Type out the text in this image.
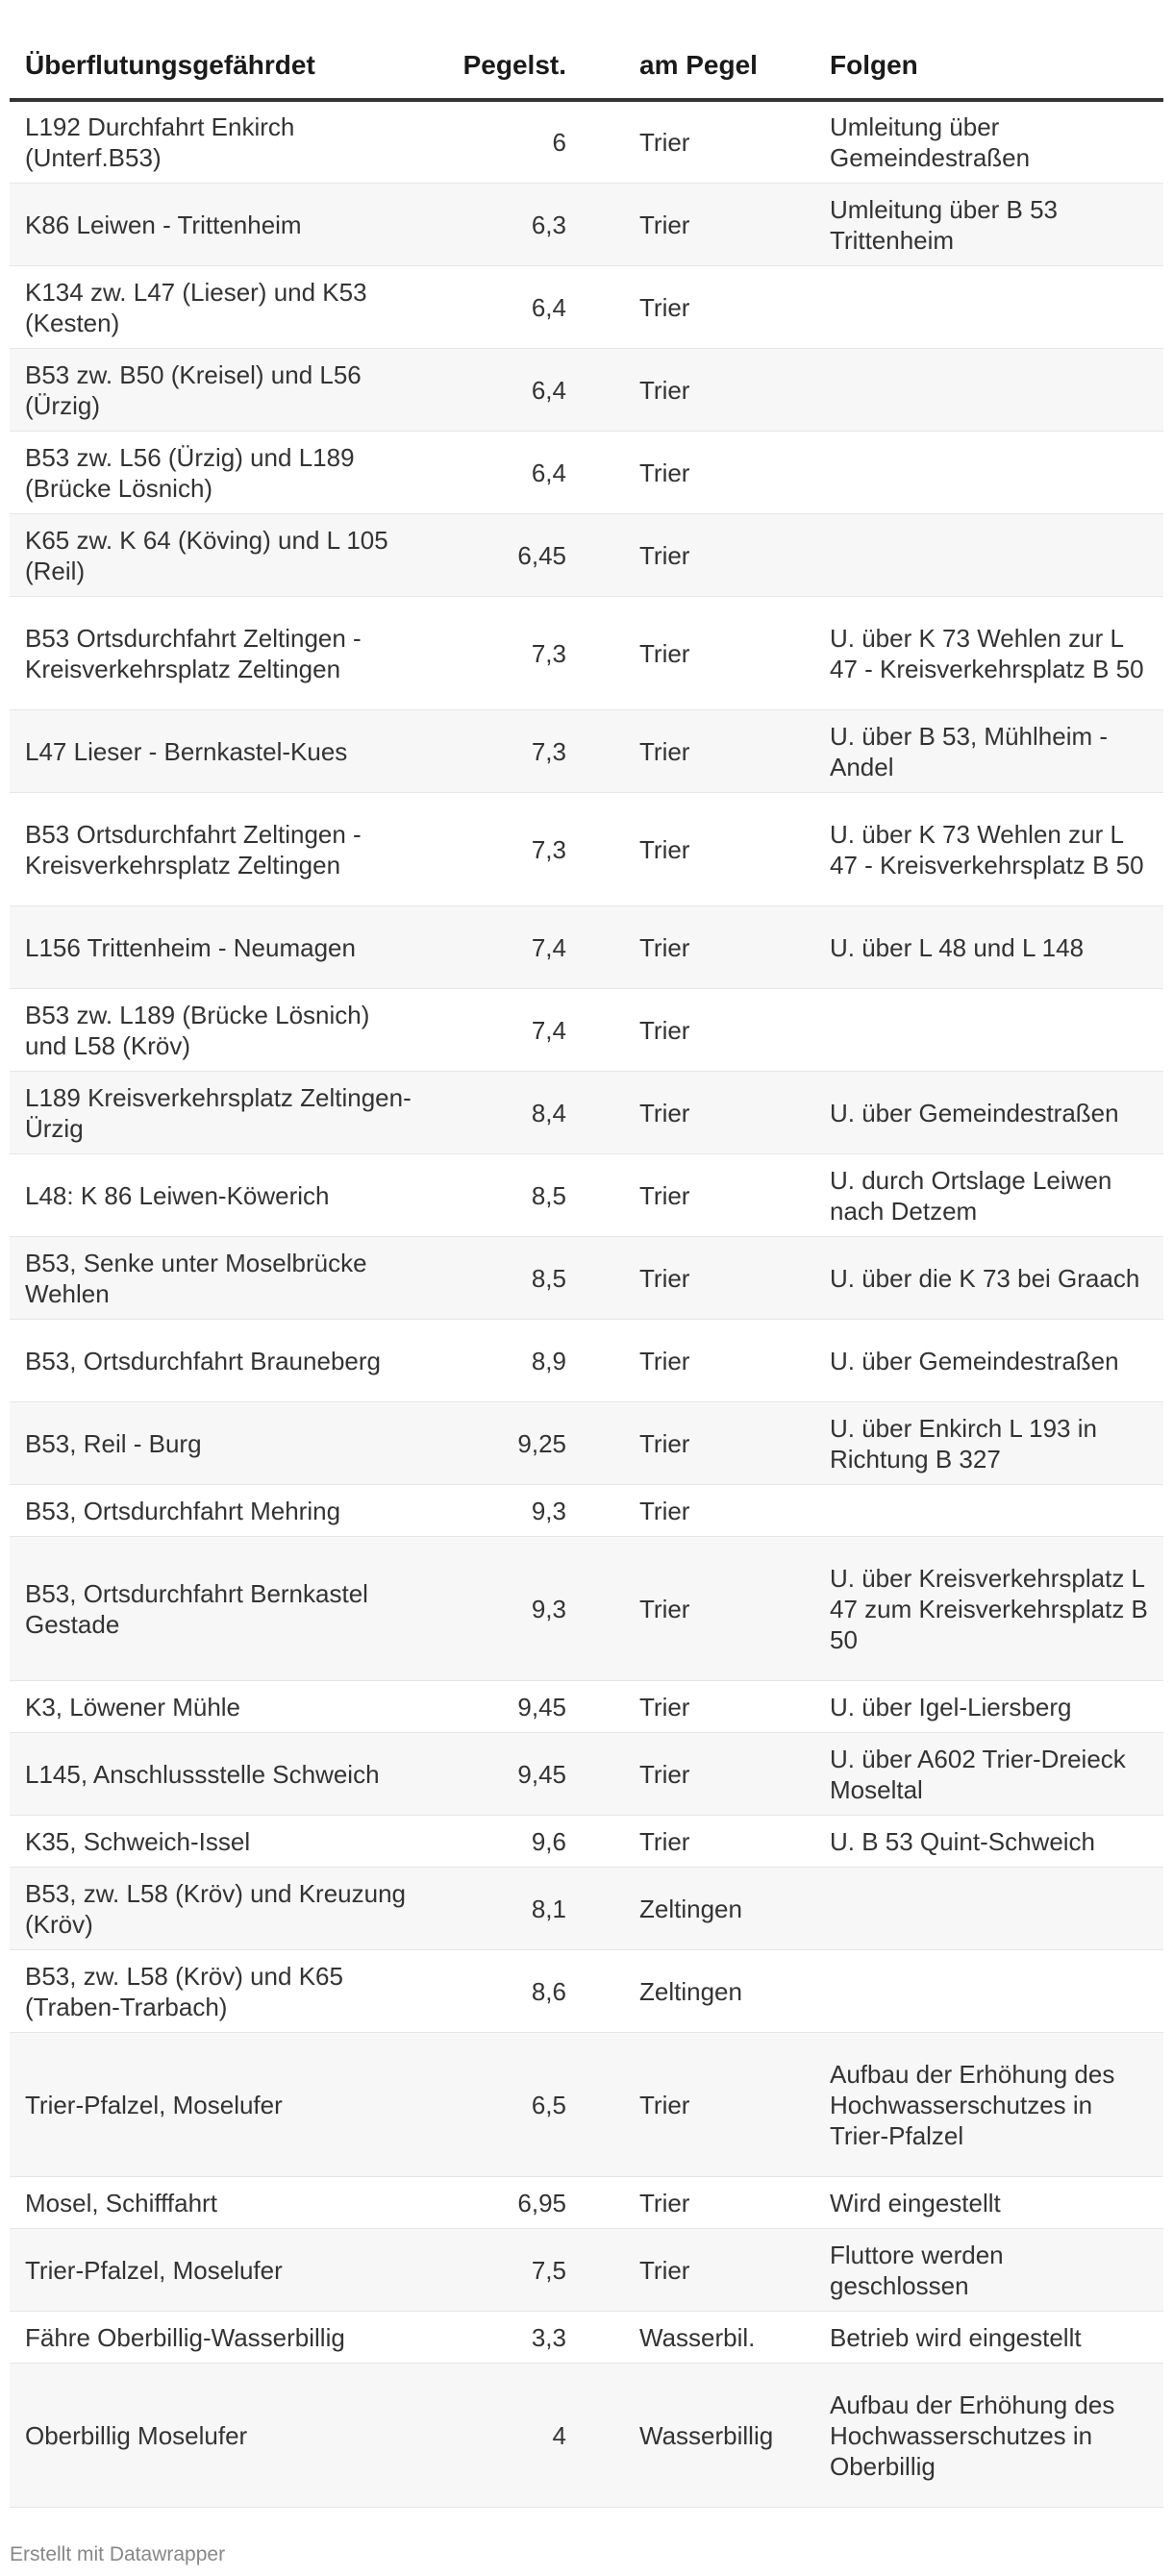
Überflutungsgefährdet	Pegelst.	am Pegel	Folgen
L192 Durchfahrt Enkirch (Unterf.B53)	6	Trier	Umleitung über Gemeindestraßen
K86 Leiwen - Trittenheim	6,3	Trier	Umleitung über B 53 Trittenheim
K134 zw. L47 (Lieser) und K53 (Kesten)	6,4	Trier	
B53 zw. B50 (Kreisel) und L56 (Ürzig)	6,4	Trier	
B53 zw. L56 (Ürzig) und L189 (Brücke Lösnich)	6,4	Trier	
K65 zw. K 64 (Köving) und L 105 (Reil)	6,45	Trier	
B53 Ortsdurchfahrt Zeltingen - Kreisverkehrsplatz Zeltingen	7,3	Trier	U. über K 73 Wehlen zur L 47 - Kreisverkehrsplatz B 50
L47 Lieser - Bernkastel-Kues	7,3	Trier	U. über B 53, Mühlheim - Andel
B53 Ortsdurchfahrt Zeltingen - Kreisverkehrsplatz Zeltingen	7,3	Trier	U. über K 73 Wehlen zur L 47 - Kreisverkehrsplatz B 50
L156 Trittenheim - Neumagen	7,4	Trier	U. über L 48 und L 148
B53 zw. L189 (Brücke Lösnich) und L58 (Kröv)	7,4	Trier	
L189 Kreisverkehrsplatz Zeltingen-Ürzig	8,4	Trier	U. über Gemeindestraßen
L48: K 86 Leiwen-Köwerich	8,5	Trier	U. durch Ortslage Leiwen nach Detzem
B53, Senke unter Moselbrücke Wehlen	8,5	Trier	U. über die K 73 bei Graach
B53, Ortsdurchfahrt Brauneberg	8,9	Trier	U. über Gemeindestraßen
B53, Reil - Burg	9,25	Trier	U. über Enkirch L 193 in Richtung B 327
B53, Ortsdurchfahrt Mehring	9,3	Trier	
B53, Ortsdurchfahrt Bernkastel Gestade	9,3	Trier	U. über Kreisverkehrsplatz L 47 zum Kreisverkehrsplatz B 50
K3, Löwener Mühle	9,45	Trier	U. über Igel-Liersberg
L145, Anschlussstelle Schweich	9,45	Trier	U. über A602 Trier-Dreieck Moseltal
K35, Schweich-Issel	9,6	Trier	U. B 53 Quint-Schweich
B53, zw. L58 (Kröv) und Kreuzung (Kröv)	8,1	Zeltingen	
B53, zw. L58 (Kröv) und K65 (Traben-Trarbach)	8,6	Zeltingen	
Trier-Pfalzel, Moselufer	6,5	Trier	Aufbau der Erhöhung des Hochwasserschutzes in Trier-Pfalzel
Mosel, Schifffahrt	6,95	Trier	Wird eingestellt
Trier-Pfalzel, Moselufer	7,5	Trier	Fluttore werden geschlossen
Fähre Oberbillig-Wasserbillig	3,3	Wasserbil.	Betrieb wird eingestellt
Oberbillig Moselufer	4	Wasserbillig	Aufbau der Erhöhung des Hochwasserschutzes in Oberbillig
Erstellt mit Datawrapper
